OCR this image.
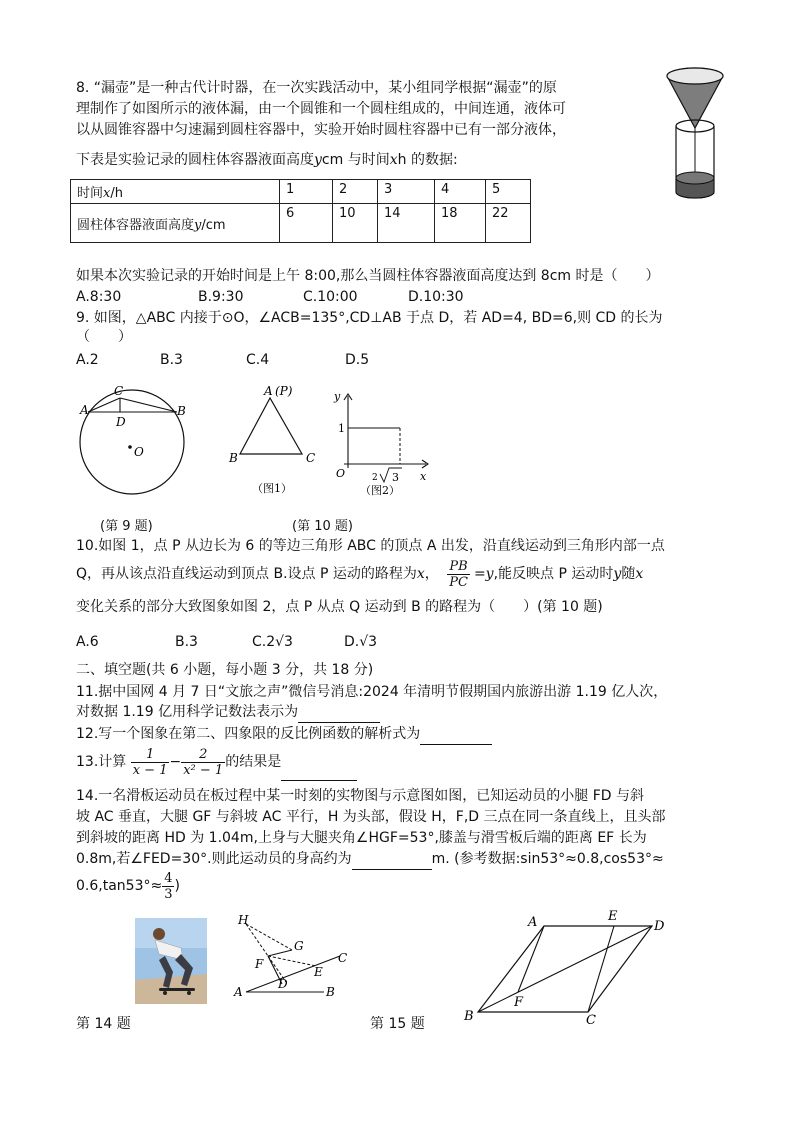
8. “漏壶”是一种古代计时器，在一次实践活动中，某小组同学根据“漏壶”的原
理制作了如图所示的液体漏，由一个圆锥和一个圆柱组成的，中间连通，液体可
以从圆锥容器中匀速漏到圆柱容器中，实验开始时圆柱容器中已有一部分液体，
下表是实验记录的圆柱体容器液面高度ycm 与时间xh 的数据:
时间x/h	1	2	3	4	5
圆柱体容器液面高度y/cm	6	10	14	18	22
如果本次实验记录的开始时间是上午 8:00,那么当圆柱体容器液面高度达到 8cm 时是（　　）
A.8:30	B.9:30	C.10:00	D.10:30
9. 如图，△ABC 内接于⊙O，∠ACB=135°,CD⊥AB 于点 D，若 AD=4, BD=6,则 CD 的长为
（　　）
A.2	B.3	C.4	D.5
A	B
C
D
O
A (P)
B	C
（图1）
y
x
1
O	2 3
（图2）
(第 9 题)	(第 10 题)
10.如图 1，点 P 从边长为 6 的等边三角形 ABC 的顶点 A 出发，沿直线运动到三角形内部一点
Q，再从该点沿直线运动到顶点 B.设点 P 运动的路程为x， $\frac{PB}{PC} =y$,能反映点 P 运动时y随x
变化关系的部分大致图象如图 2，点 P 从点 Q 运动到 B 的路程为（　　）(第 10 题)
A.6	B.3	C.2√3	D.√3
二、填空题(共 6 小题，每小题 3 分，共 18 分)
11.据中国网 4 月 7 日“文旅之声”微信号消息:2024 年清明节假期国内旅游出游 1.19 亿人次，
对数据 1.19 亿用科学记数法表示为
12.写一个图象在第二、四象限的反比例函数的解析式为
13.计算 $\frac{1}{x - 1} - \frac{2}{\text{x² − 1}}$ 的结果是
14.一名滑板运动员在板过程中某一时刻的实物图与示意图如图，已知运动员的小腿 FD 与斜
坡 AC 垂直，大腿 GF 与斜坡 AC 平行，H 为头部，假设 H，F,D 三点在同一条直线上，且头部
到斜坡的距离 HD 为 1.04m,上身与大腿夹角∠HGF=53°,膝盖与滑雪板后端的距离 EF 长为
0.8m,若∠FED=30°.则此运动员的身高约为	m. (参考数据:sin53°≈0.8,cos53°≈
$0.6,\tan 53^\circ\approx \frac{4}{3}$ )
H
G
F
E
C
D
A	B
A	E
D
F
B	C
第 14 题	第 15 题
